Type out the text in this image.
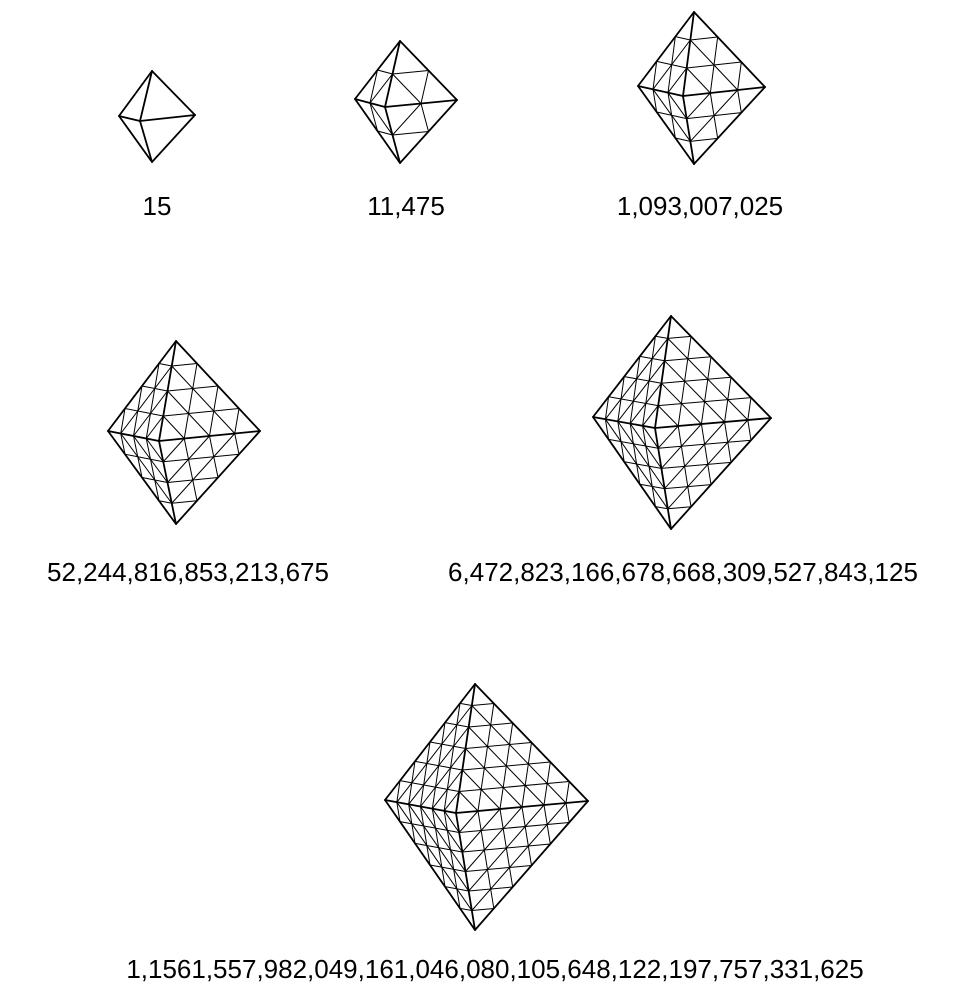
15	11,475	1,093,007,025
52,244,816,853,213,675	6,472,823,166,678,668,309,527,843,125
1,1561,557,982,049,161,046,080,105,648,122,197,757,331,625
